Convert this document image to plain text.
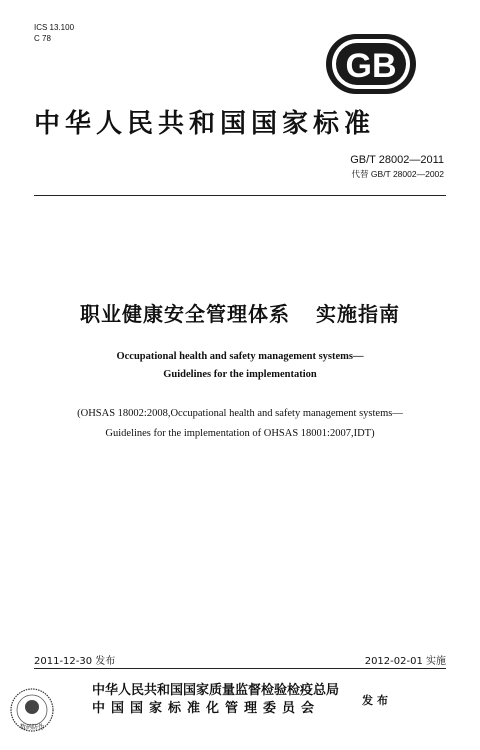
ICS 13.100
C 78
GB
中华人民共和国国家标准
GB/T 28002—2011
代替 GB/T 28002—2002
职业健康安全管理体系 实施指南
Occupational health and safety management systems—
Guidelines for the implementation
(OHSAS 18002:2008,Occupational health and safety management systems—
Guidelines for the implementation of OHSAS 18001:2007,IDT)
2011-12-30 发布	2012-02-01 实施
数码防伪
中华人民共和国国家质量监督检验检疫总局
中国国家标准化管理委员会
发布
